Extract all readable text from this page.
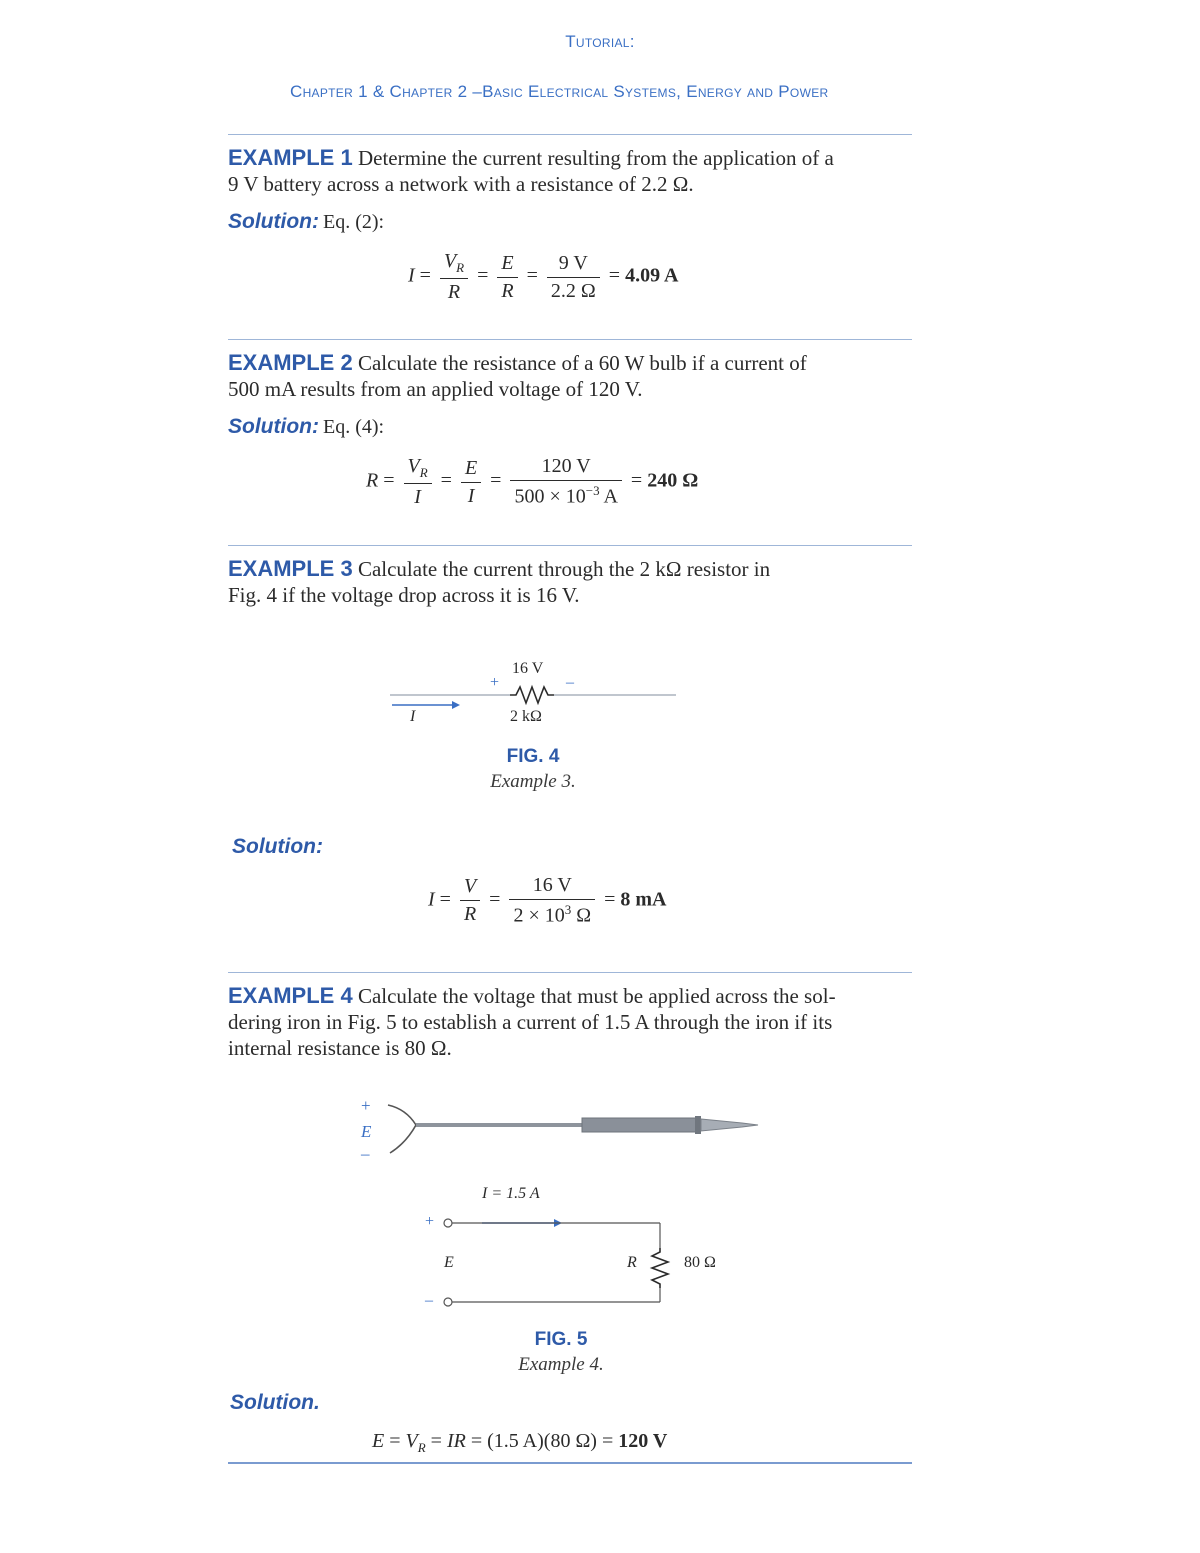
Tutorial:
Chapter 1 & Chapter 2 –Basic Electrical Systems, Energy and Power
EXAMPLE 1 Determine the current resulting from the application of a
9 V battery across a network with a resistance of 2.2 Ω.
Solution: Eq. (2):
$I = \frac{V_R}{R} = \frac{E}{R} = \frac{9 V}{2.2 \Omega} = 4.09$ A
EXAMPLE 2 Calculate the resistance of a 60 W bulb if a current of
500 mA results from an applied voltage of 120 V.
Solution: Eq. (4):
$R = \frac{V_R}{I} = \frac{E}{I} = \frac{120 V}{500 \times 10^{-3} A} = 240$ Ω
EXAMPLE 3 Calculate the current through the 2 kΩ resistor in
Fig. 4 if the voltage drop across it is 16 V.
16 V
+	–
2 kΩ
I
FIG. 4
Example 3.
Solution:
$I = \frac{V}{R} = \frac{16 V}{2 \times 10^3 \Omega} = 8$ mA
EXAMPLE 4 Calculate the voltage that must be applied across the sol-
dering iron in Fig. 5 to establish a current of 1.5 A through the iron if its
internal resistance is 80 Ω.
+
E
–
I = 1.5 A
+
–
E	R	80 Ω
FIG. 5
Example 4.
Solution.
$E = V_R$ = IR = (1.5 A)(80 Ω) = 120 V
